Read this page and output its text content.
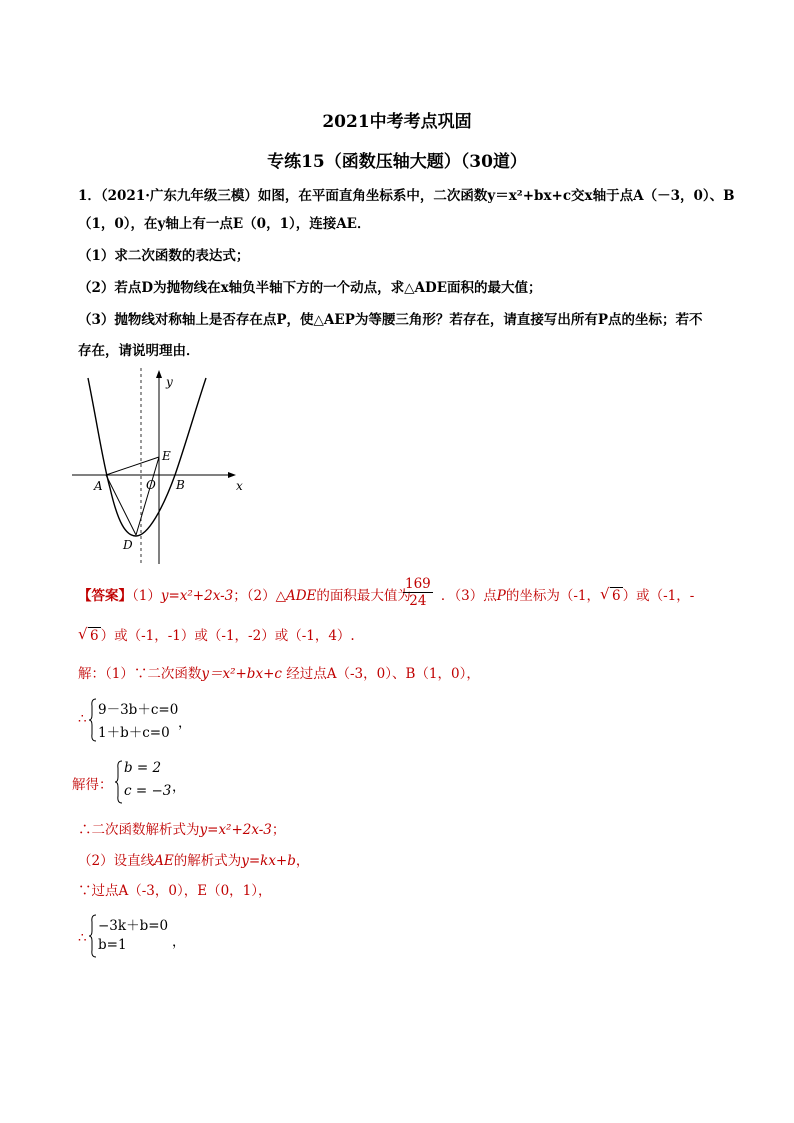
2021中考考点巩固
专练15（函数压轴大题）（30道）
1．（2021·广东九年级三模）如图，在平面直角坐标系中，二次函数y＝x²+bx+c交x轴于点A（－3，0）、B
（1，0），在y轴上有一点E（0，1），连接AE．
（1）求二次函数的表达式；
（2）若点D为抛物线在x轴负半轴下方的一个动点，求△ADE面积的最大值；
（3）抛物线对称轴上是否存在点P，使△AEP为等腰三角形？若存在，请直接写出所有P点的坐标；若不
存在，请说明理由．
y
x
E
A	O B
D
【答案】（1）y=x²+2x-3；（2）△ADE的面积最大值为 ．（3）点P的坐标为（-1，√ 6 ）或（-1，-
$\frac{169}{24}$
√ 6 ）或（-1，-1）或（-1，-2）或（-1，4）.
解：（1）∵二次函数y＝x²+bx+c 经过点A（-3，0）、B（1，0），
∴
9－3b＋c=0
1＋b＋c=0
，
解得：
b = 2
c = −3 ，
∴二次函数解析式为y=x²+2x-3；
（2）设直线AE的解析式为y=kx+b，
∵过点A（-3，0），E（0，1），
∴
−3k＋b=0
b=1	，
